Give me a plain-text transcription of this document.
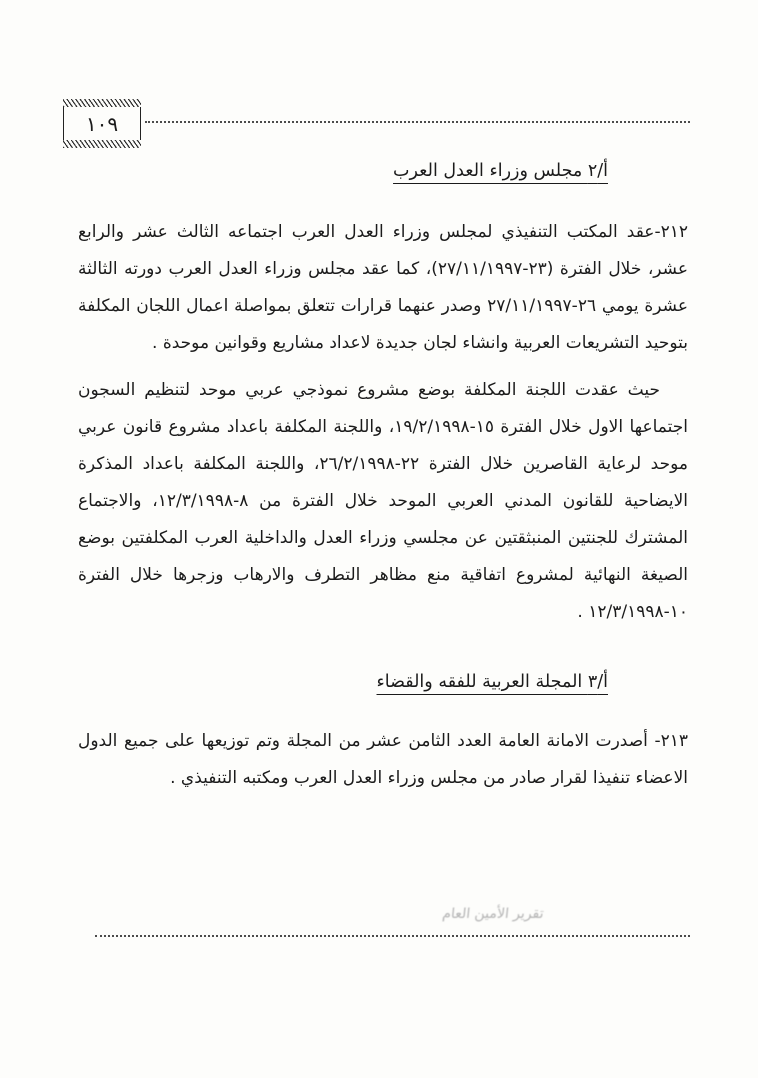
١٠٩
أ/٢ مجلس وزراء العدل العرب

٢١٢-عقد المكتب التنفيذي لمجلس وزراء العدل العرب اجتماعه الثالث عشر والرابع عشر، خلال الفترة (٢٣-٢٧/١١/١٩٩٧)، كما عقد مجلس وزراء العدل العرب دورته الثالثة عشرة يومي ٢٦-٢٧/١١/١٩٩٧ وصدر عنهما قرارات تتعلق بمواصلة اعمال اللجان المكلفة بتوحيد التشريعات العربية وانشاء لجان جديدة لاعداد مشاريع وقوانين موحدة .

حيث عقدت اللجنة المكلفة بوضع مشروع نموذجي عربي موحد لتنظيم السجون اجتماعها الاول خلال الفترة ١٥-١٩/٢/١٩٩٨، واللجنة المكلفة باعداد مشروع قانون عربي موحد لرعاية القاصرين خلال الفترة ٢٢-٢٦/٢/١٩٩٨، واللجنة المكلفة باعداد المذكرة الايضاحية للقانون المدني العربي الموحد خلال الفترة من ٨-١٢/٣/١٩٩٨، والاجتماع المشترك للجنتين المنبثقتين عن مجلسي وزراء العدل والداخلية العرب المكلفتين بوضع الصيغة النهائية لمشروع اتفاقية منع مظاهر التطرف والارهاب وزجرها خلال الفترة ١٠-١٢/٣/١٩٩٨ .

أ/٣ المجلة العربية للفقه والقضاء

٢١٣- أصدرت الامانة العامة العدد الثامن عشر من المجلة وتم توزيعها على جميع الدول الاعضاء تنفيذا لقرار صادر من مجلس وزراء العدل العرب ومكتبه التنفيذي .

تقرير الأمين العام
